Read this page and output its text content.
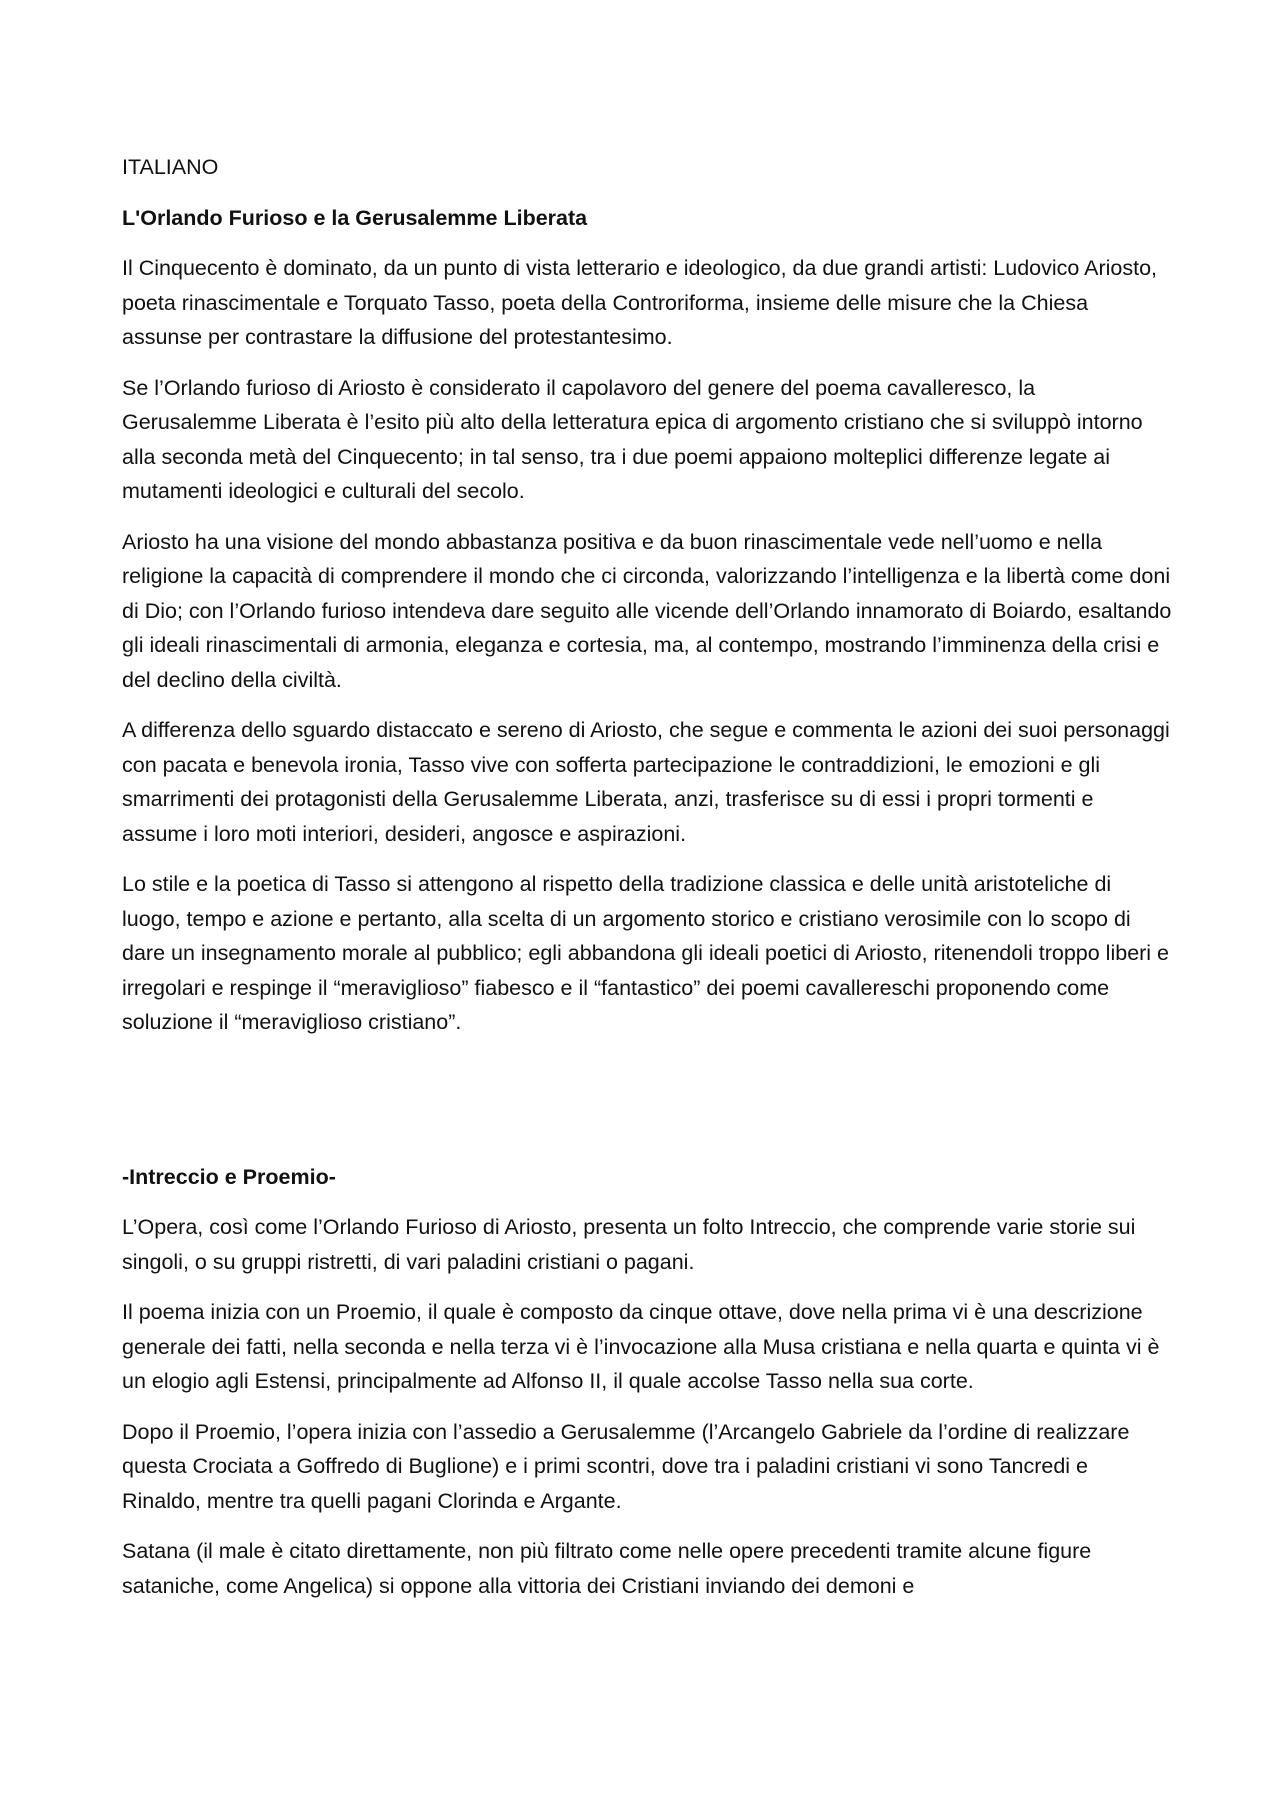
ITALIANO
L'Orlando Furioso e la Gerusalemme Liberata
Il Cinquecento è dominato, da un punto di vista letterario e ideologico, da due grandi artisti: Ludovico Ariosto, poeta rinascimentale e Torquato Tasso, poeta della Controriforma, insieme delle misure che la Chiesa assunse per contrastare la diffusione del protestantesimo.
Se l’Orlando furioso di Ariosto è considerato il capolavoro del genere del poema cavalleresco, la Gerusalemme Liberata è l’esito più alto della letteratura epica di argomento cristiano che si sviluppò intorno alla seconda metà del Cinquecento; in tal senso, tra i due poemi appaiono molteplici differenze legate ai mutamenti ideologici e culturali del secolo.
Ariosto ha una visione del mondo abbastanza positiva e da buon rinascimentale vede nell’uomo e nella religione la capacità di comprendere il mondo che ci circonda, valorizzando l’intelligenza e la libertà come doni di Dio; con l’Orlando furioso intendeva dare seguito alle vicende dell’Orlando innamorato di Boiardo, esaltando gli ideali rinascimentali di armonia, eleganza e cortesia, ma, al contempo, mostrando l’imminenza della crisi e del declino della civiltà.
A differenza dello sguardo distaccato e sereno di Ariosto, che segue e commenta le azioni dei suoi personaggi con pacata e benevola ironia, Tasso vive con sofferta partecipazione le contraddizioni, le emozioni e gli smarrimenti dei protagonisti della Gerusalemme Liberata, anzi, trasferisce su di essi i propri tormenti e assume i loro moti interiori, desideri, angosce e aspirazioni.
Lo stile e la poetica di Tasso si attengono al rispetto della tradizione classica e delle unità aristoteliche di luogo, tempo e azione e pertanto, alla scelta di un argomento storico e cristiano verosimile con lo scopo di dare un insegnamento morale al pubblico; egli abbandona gli ideali poetici di Ariosto, ritenendoli troppo liberi e irregolari e respinge il “meraviglioso” fiabesco e il “fantastico” dei poemi cavallereschi proponendo come soluzione il “meraviglioso cristiano”.
-Intreccio e Proemio-
L’Opera, così come l’Orlando Furioso di Ariosto, presenta un folto Intreccio, che comprende varie storie sui singoli, o su gruppi ristretti, di vari paladini cristiani o pagani.
Il poema inizia con un Proemio, il quale è composto da cinque ottave, dove nella prima vi è una descrizione generale dei fatti, nella seconda e nella terza vi è l’invocazione alla Musa cristiana e nella quarta e quinta vi è un elogio agli Estensi, principalmente ad Alfonso II, il quale accolse Tasso nella sua corte.
Dopo il Proemio, l’opera inizia con l’assedio a Gerusalemme (l’Arcangelo Gabriele da l’ordine di realizzare questa Crociata a Goffredo di Buglione) e i primi scontri, dove tra i paladini cristiani vi sono Tancredi e Rinaldo, mentre tra quelli pagani Clorinda e Argante.
Satana (il male è citato direttamente, non più filtrato come nelle opere precedenti tramite alcune figure sataniche, come Angelica) si oppone alla vittoria dei Cristiani inviando dei demoni e
